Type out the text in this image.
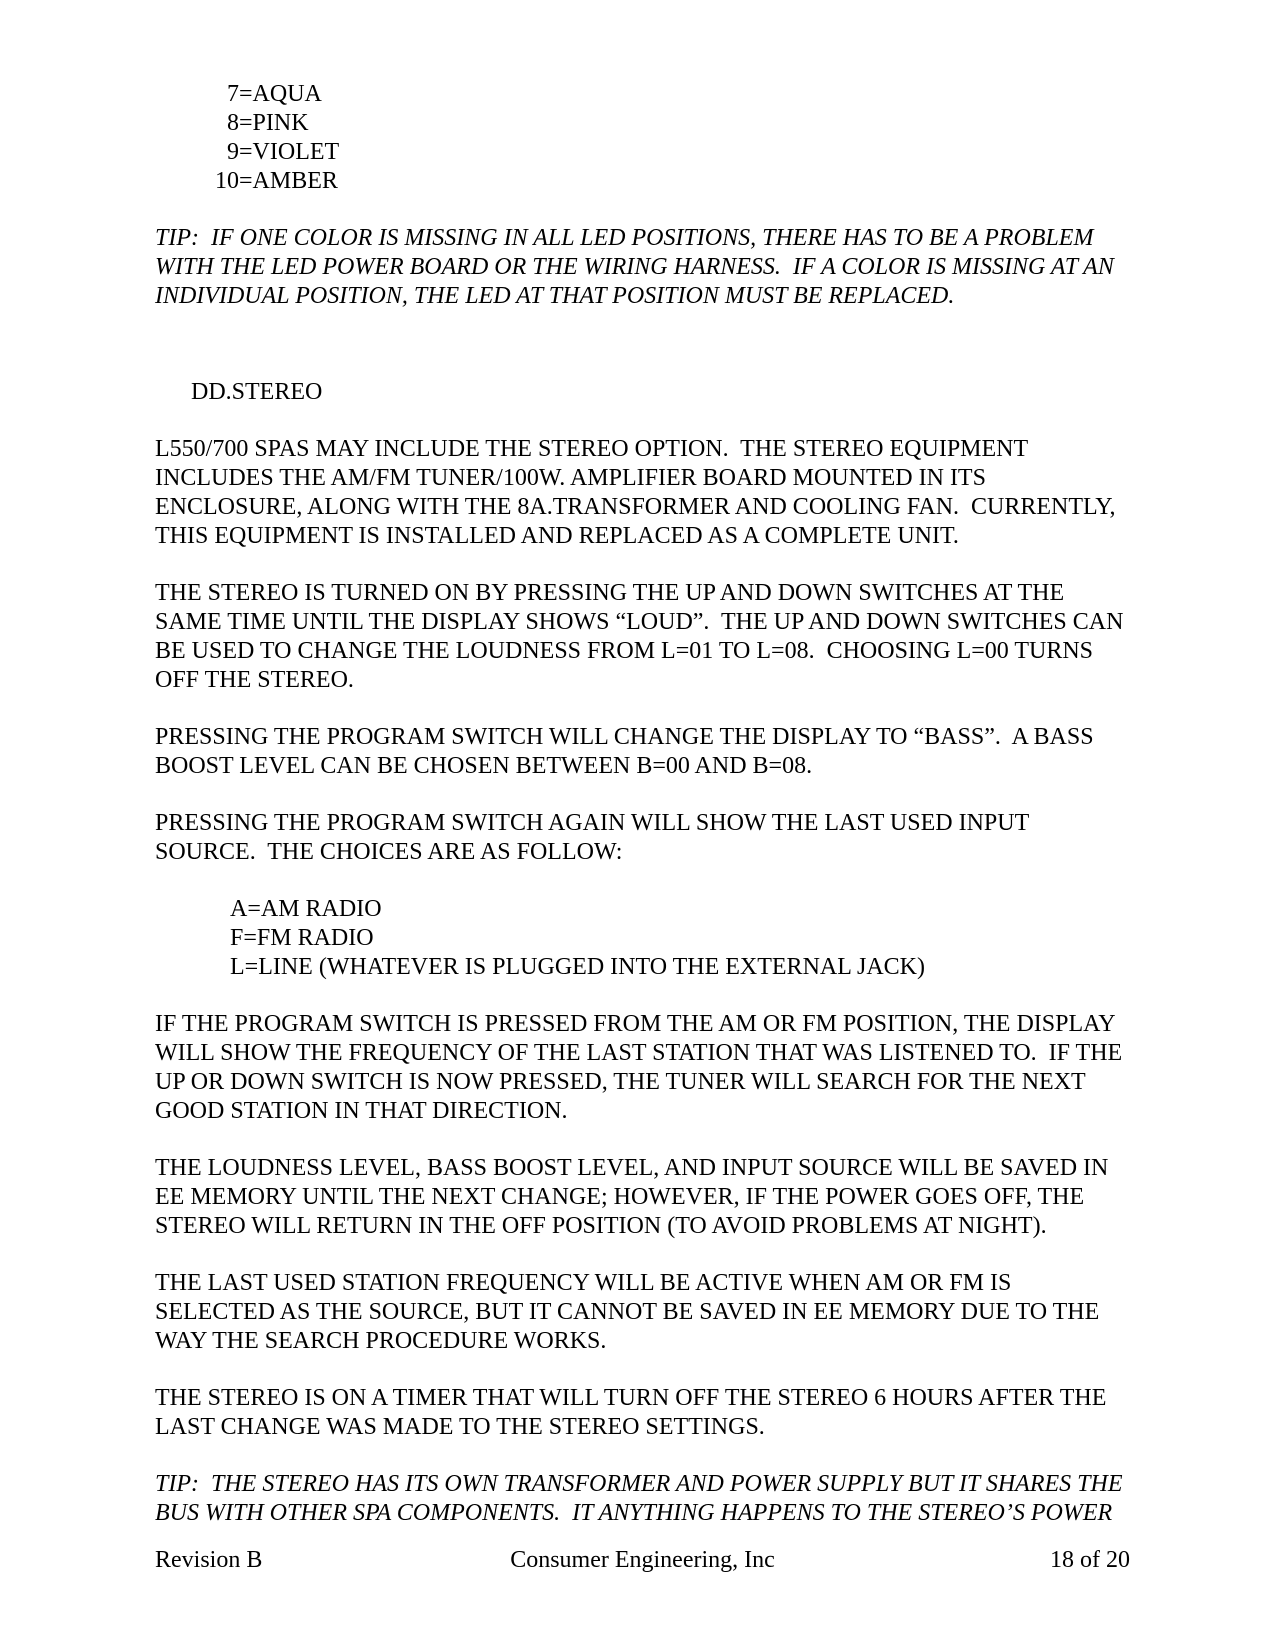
7=AQUA
8=PINK
9=VIOLET
10=AMBER

TIP:  IF ONE COLOR IS MISSING IN ALL LED POSITIONS, THERE HAS TO BE A PROBLEM WITH THE LED POWER BOARD OR THE WIRING HARNESS.  IF A COLOR IS MISSING AT AN INDIVIDUAL POSITION, THE LED AT THAT POSITION MUST BE REPLACED.

DD.STEREO

L550/700 SPAS MAY INCLUDE THE STEREO OPTION.  THE STEREO EQUIPMENT INCLUDES THE AM/FM TUNER/100W. AMPLIFIER BOARD MOUNTED IN ITS ENCLOSURE, ALONG WITH THE 8A.TRANSFORMER AND COOLING FAN.  CURRENTLY, THIS EQUIPMENT IS INSTALLED AND REPLACED AS A COMPLETE UNIT.

THE STEREO IS TURNED ON BY PRESSING THE UP AND DOWN SWITCHES AT THE SAME TIME UNTIL THE DISPLAY SHOWS “LOUD”.  THE UP AND DOWN SWITCHES CAN BE USED TO CHANGE THE LOUDNESS FROM L=01 TO L=08.  CHOOSING L=00 TURNS OFF THE STEREO.

PRESSING THE PROGRAM SWITCH WILL CHANGE THE DISPLAY TO “BASS”.  A BASS BOOST LEVEL CAN BE CHOSEN BETWEEN B=00 AND B=08.

PRESSING THE PROGRAM SWITCH AGAIN WILL SHOW THE LAST USED INPUT SOURCE.  THE CHOICES ARE AS FOLLOW:

A=AM RADIO
F=FM RADIO
L=LINE (WHATEVER IS PLUGGED INTO THE EXTERNAL JACK)

IF THE PROGRAM SWITCH IS PRESSED FROM THE AM OR FM POSITION, THE DISPLAY WILL SHOW THE FREQUENCY OF THE LAST STATION THAT WAS LISTENED TO.  IF THE UP OR DOWN SWITCH IS NOW PRESSED, THE TUNER WILL SEARCH FOR THE NEXT GOOD STATION IN THAT DIRECTION.

THE LOUDNESS LEVEL, BASS BOOST LEVEL, AND INPUT SOURCE WILL BE SAVED IN EE MEMORY UNTIL THE NEXT CHANGE; HOWEVER, IF THE POWER GOES OFF, THE STEREO WILL RETURN IN THE OFF POSITION (TO AVOID PROBLEMS AT NIGHT).

THE LAST USED STATION FREQUENCY WILL BE ACTIVE WHEN AM OR FM IS SELECTED AS THE SOURCE, BUT IT CANNOT BE SAVED IN EE MEMORY DUE TO THE WAY THE SEARCH PROCEDURE WORKS.

THE STEREO IS ON A TIMER THAT WILL TURN OFF THE STEREO 6 HOURS AFTER THE LAST CHANGE WAS MADE TO THE STEREO SETTINGS.

TIP:  THE STEREO HAS ITS OWN TRANSFORMER AND POWER SUPPLY BUT IT SHARES THE BUS WITH OTHER SPA COMPONENTS.  IT ANYTHING HAPPENS TO THE STEREO’S POWER

Revision B	Consumer Engineering, Inc	18 of 20
